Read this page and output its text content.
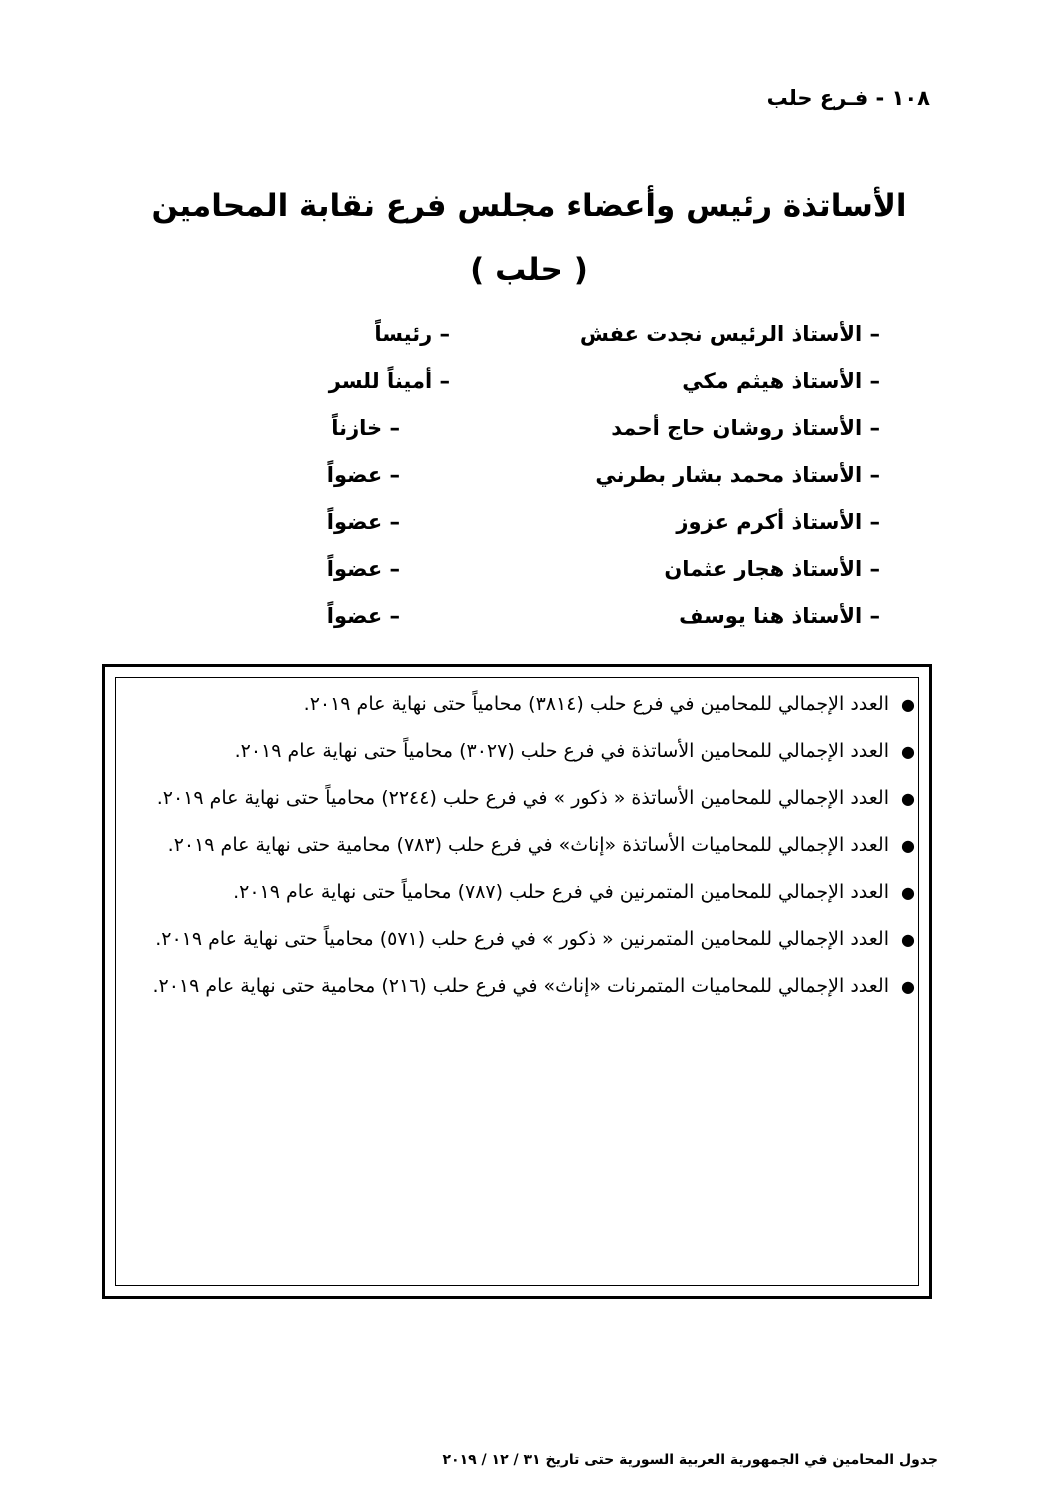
١٠٨ - فـرع حلب
الأساتذة رئيس وأعضاء مجلس فرع نقابة المحامين
( حلب )
– الأستاذ الرئيس نجدت عفش
– رئيساً
– الأستاذ هيثم مكي
– أميناً للسر
– الأستاذ روشان حاج أحمد
– خازناً
– الأستاذ محمد بشار بطرني
– عضواً
– الأستاذ أكرم عزوز
– عضواً
– الأستاذ هجار عثمان
– عضواً
– الأستاذ هنا يوسف
– عضواً
●
العدد الإجمالي للمحامين في فرع حلب (٣٨١٤) محامياً حتى نهاية عام ٢٠١٩.
●
العدد الإجمالي للمحامين الأساتذة في فرع حلب (٣٠٢٧) محامياً حتى نهاية عام ٢٠١٩.
●
العدد الإجمالي للمحامين الأساتذة « ذكور » في فرع حلب (٢٢٤٤) محامياً حتى نهاية عام ٢٠١٩.
●
العدد الإجمالي للمحاميات الأساتذة «إناث» في فرع حلب (٧٨٣) محامية حتى نهاية عام ٢٠١٩.
●
العدد الإجمالي للمحامين المتمرنين في فرع حلب (٧٨٧) محامياً حتى نهاية عام ٢٠١٩.
●
العدد الإجمالي للمحامين المتمرنين « ذكور » في فرع حلب (٥٧١) محامياً حتى نهاية عام ٢٠١٩.
●
العدد الإجمالي للمحاميات المتمرنات «إناث» في فرع حلب (٢١٦) محامية حتى نهاية عام ٢٠١٩.
جدول المحامين في الجمهورية العربية السورية حتى تاريخ ٣١ / ١٢ / ٢٠١٩
